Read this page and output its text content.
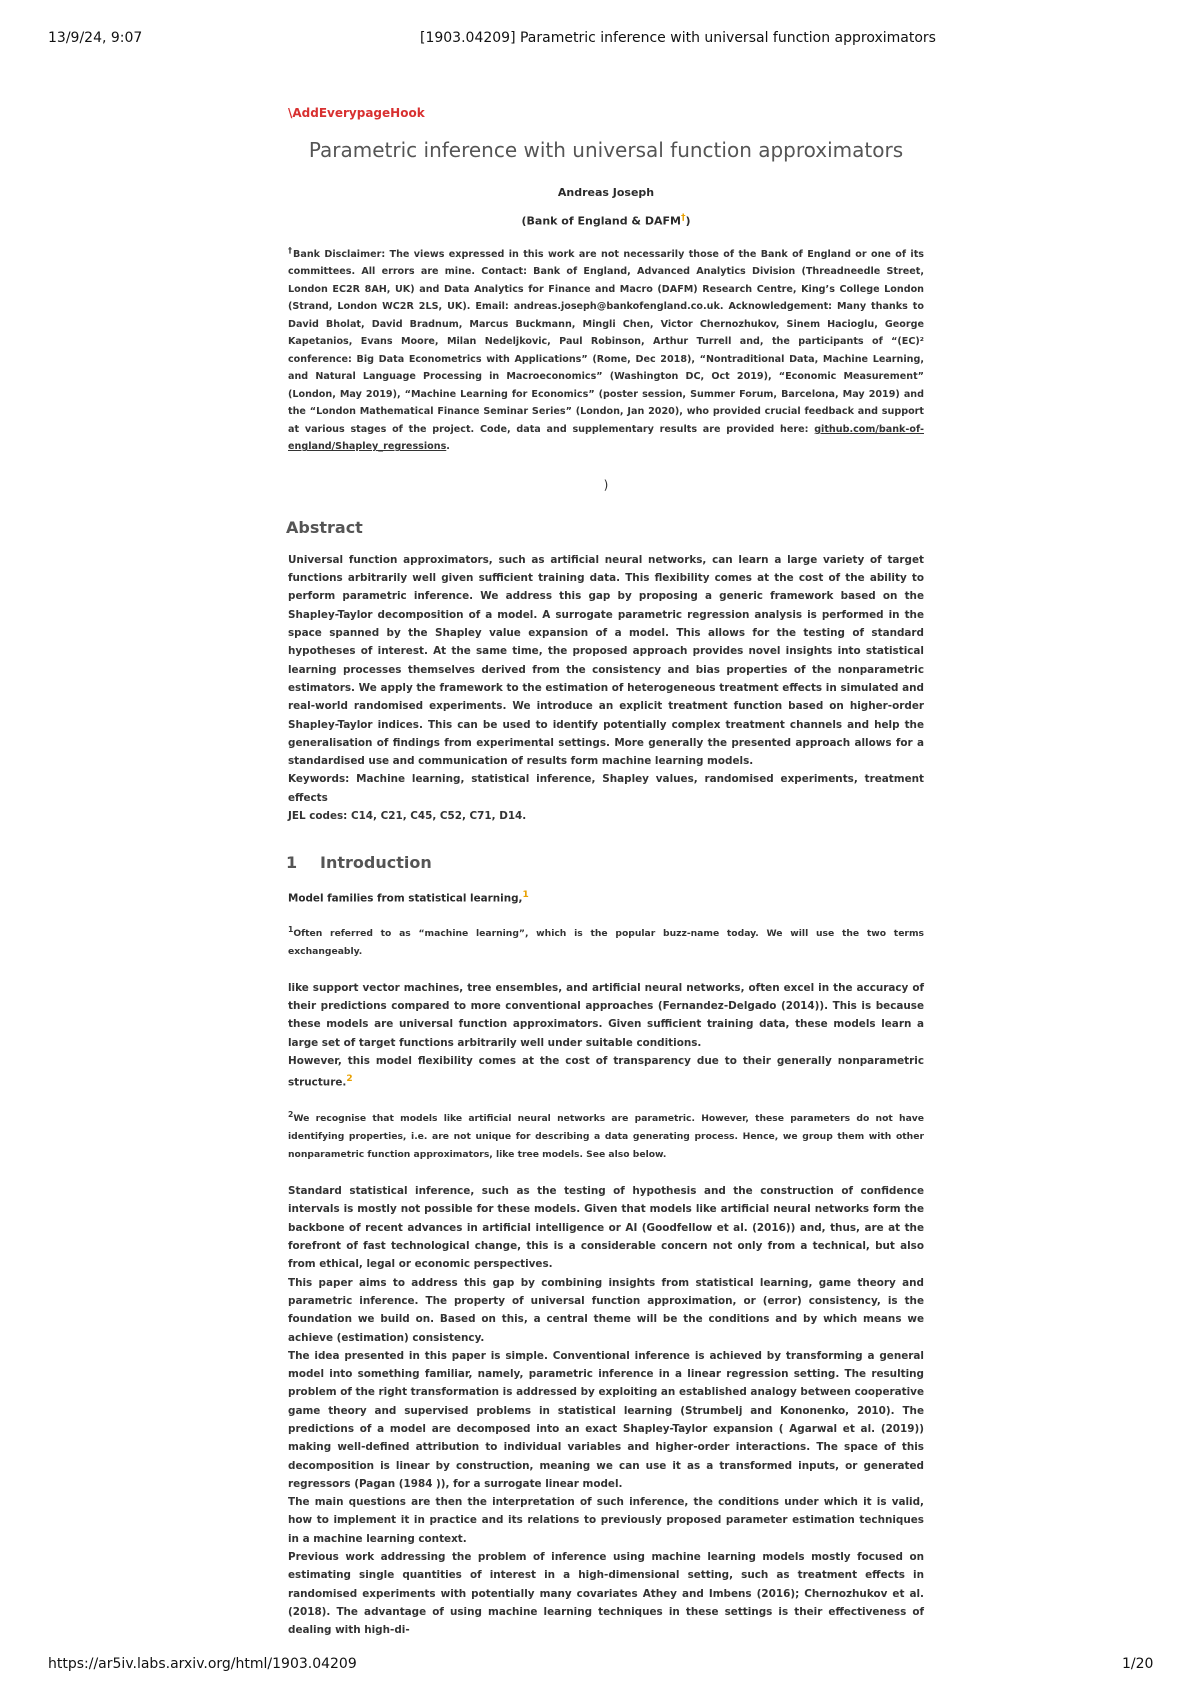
13/9/24, 9:07	[1903.04209] Parametric inference with universal function approximators
\AddEverypageHook
Parametric inference with universal function approximators
Andreas Joseph
(Bank of England & DAFM†)
†Bank Disclaimer: The views expressed in this work are not necessarily those of the Bank of England or one of its committees. All errors are mine. Contact: Bank of England, Advanced Analytics Division (Threadneedle Street, London EC2R 8AH, UK) and Data Analytics for Finance and Macro (DAFM) Research Centre, King’s College London (Strand, London WC2R 2LS, UK). Email: andreas.joseph@bankofengland.co.uk. Acknowledgement: Many thanks to David Bholat, David Bradnum, Marcus Buckmann, Mingli Chen, Victor Chernozhukov, Sinem Hacioglu, George Kapetanios, Evans Moore, Milan Nedeljkovic, Paul Robinson, Arthur Turrell and, the participants of “(EC)² conference: Big Data Econometrics with Applications” (Rome, Dec 2018), “Nontraditional Data, Machine Learning, and Natural Language Processing in Macroeconomics” (Washington DC, Oct 2019), “Economic Measurement” (London, May 2019), “Machine Learning for Economics” (poster session, Summer Forum, Barcelona, May 2019) and the “London Mathematical Finance Seminar Series” (London, Jan 2020), who provided crucial feedback and support at various stages of the project. Code, data and supplementary results are provided here: github.com/bank-of-england/Shapley_regressions.
)
Abstract

Universal function approximators, such as artificial neural networks, can learn a large variety of target functions arbitrarily well given sufficient training data. This flexibility comes at the cost of the ability to perform parametric inference. We address this gap by proposing a generic framework based on the Shapley-Taylor decomposition of a model. A surrogate parametric regression analysis is performed in the space spanned by the Shapley value expansion of a model. This allows for the testing of standard hypotheses of interest. At the same time, the proposed approach provides novel insights into statistical learning processes themselves derived from the consistency and bias properties of the nonparametric estimators. We apply the framework to the estimation of heterogeneous treatment effects in simulated and real-world randomised experiments. We introduce an explicit treatment function based on higher-order Shapley-Taylor indices. This can be used to identify potentially complex treatment channels and help the generalisation of findings from experimental settings. More generally the presented approach allows for a standardised use and communication of results form machine learning models.

Keywords: Machine learning, statistical inference, Shapley values, randomised experiments, treatment effects

JEL codes: C14, C21, C45, C52, C71, D14.

1 Introduction
Model families from statistical learning,$^1$
$^1$Often referred to as “machine learning”, which is the popular buzz-name today. We will use the two terms exchangeably.

like support vector machines, tree ensembles, and artificial neural networks, often excel in the accuracy of their predictions compared to more conventional approaches (Fernandez-Delgado (2014)). This is because these models are universal function approximators. Given sufficient training data, these models learn a large set of target functions arbitrarily well under suitable conditions.

However, this model flexibility comes at the cost of transparency due to their generally nonparametric structure.$^2$

$^2$We recognise that models like artificial neural networks are parametric. However, these parameters do not have identifying properties, i.e. are not unique for describing a data generating process. Hence, we group them with other nonparametric function approximators, like tree models. See also below.

Standard statistical inference, such as the testing of hypothesis and the construction of confidence intervals is mostly not possible for these models. Given that models like artificial neural networks form the backbone of recent advances in artificial intelligence or AI (Goodfellow et al. (2016)) and, thus, are at the forefront of fast technological change, this is a considerable concern not only from a technical, but also from ethical, legal or economic perspectives.

This paper aims to address this gap by combining insights from statistical learning, game theory and parametric inference. The property of universal function approximation, or (error) consistency, is the foundation we build on. Based on this, a central theme will be the conditions and by which means we achieve (estimation) consistency.

The idea presented in this paper is simple. Conventional inference is achieved by transforming a general model into something familiar, namely, parametric inference in a linear regression setting. The resulting problem of the right transformation is addressed by exploiting an established analogy between cooperative game theory and supervised problems in statistical learning (Strumbelj and Kononenko, 2010). The predictions of a model are decomposed into an exact Shapley-Taylor expansion ( Agarwal et al. (2019)) making well-defined attribution to individual variables and higher-order interactions. The space of this decomposition is linear by construction, meaning we can use it as a transformed inputs, or generated regressors (Pagan (1984 )), for a surrogate linear model.

The main questions are then the interpretation of such inference, the conditions under which it is valid, how to implement it in practice and its relations to previously proposed parameter estimation techniques in a machine learning context.

Previous work addressing the problem of inference using machine learning models mostly focused on estimating single quantities of interest in a high-dimensional setting, such as treatment effects in randomised experiments with potentially many covariates Athey and Imbens (2016); Chernozhukov et al. (2018). The advantage of using machine learning techniques in these settings is their effectiveness of dealing with high-di-

https://ar5iv.labs.arxiv.org/html/1903.04209	1/20
